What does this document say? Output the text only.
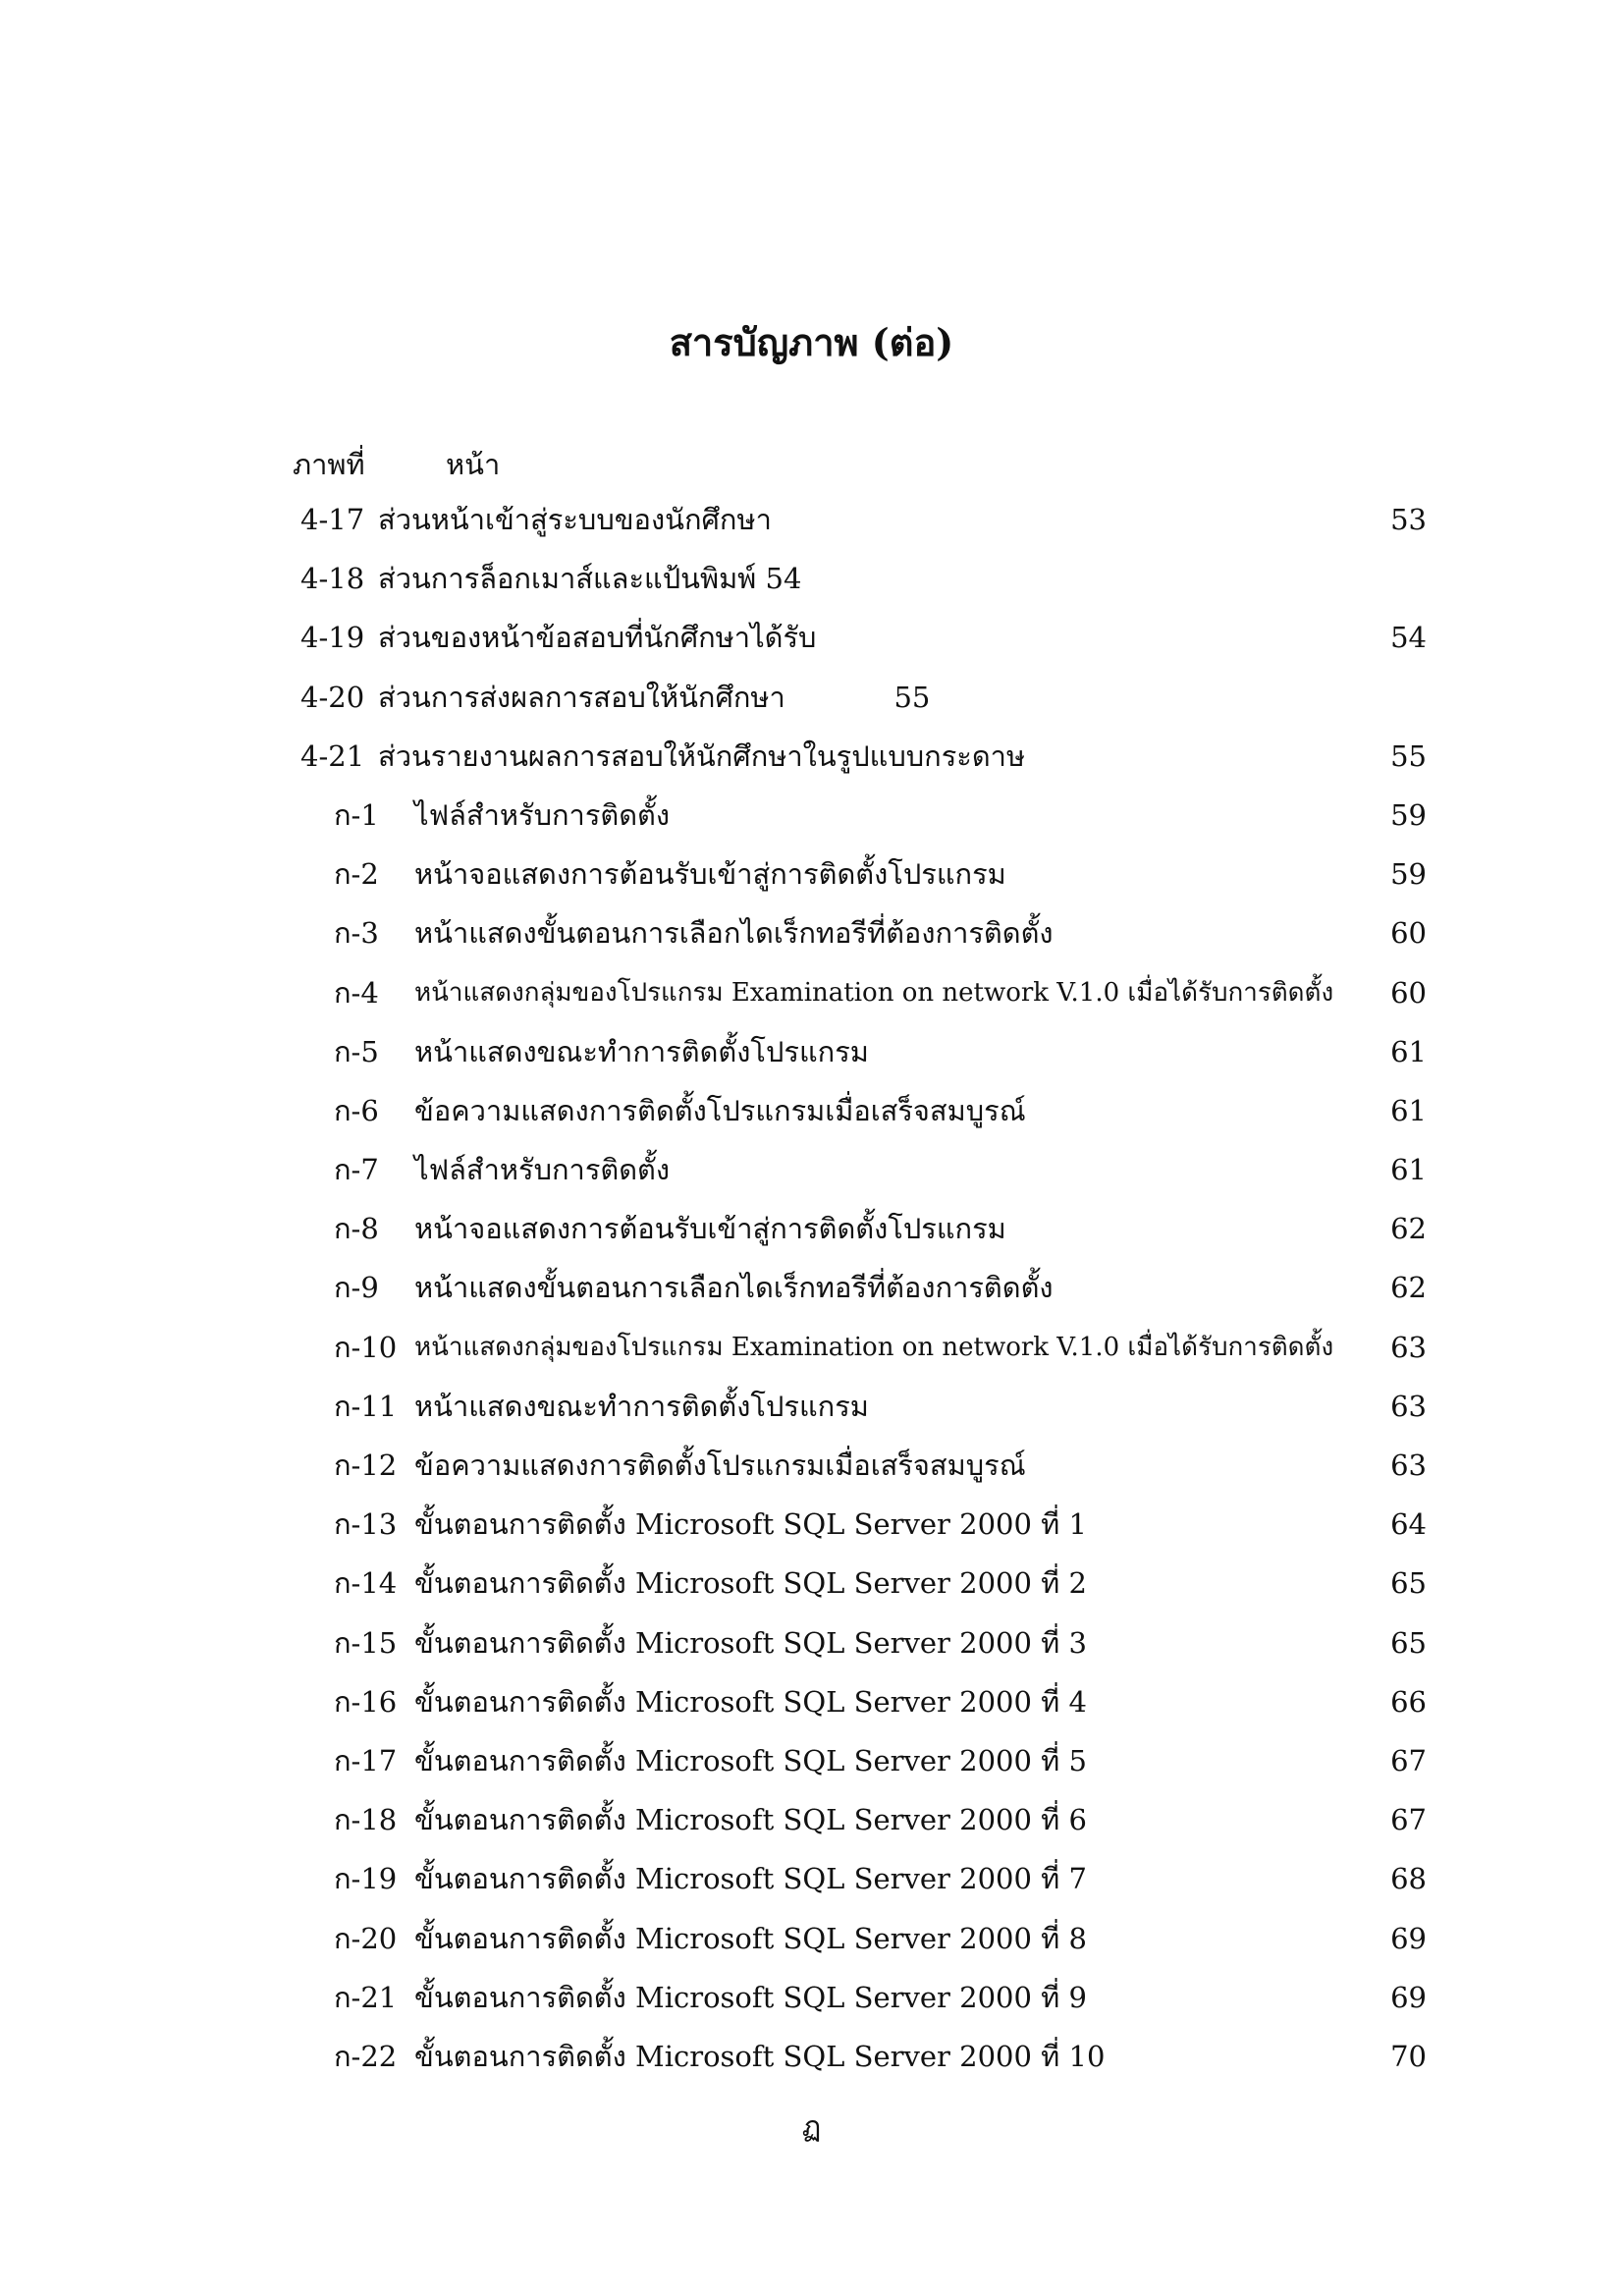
สารบัญภาพ (ต่อ)
ภาพที่	หน้า
4-17 ส่วนหน้าเข้าสู่ระบบของนักศึกษา	53
4-18 ส่วนการล็อกเมาส์และแป้นพิมพ์ 54
4-19 ส่วนของหน้าข้อสอบที่นักศึกษาได้รับ	54
4-20 ส่วนการส่งผลการสอบให้นักศึกษา            55
4-21 ส่วนรายงานผลการสอบให้นักศึกษาในรูปแบบกระดาษ	55
ก-1 ไฟล์สำหรับการติดตั้ง	59
ก-2 หน้าจอแสดงการต้อนรับเข้าสู่การติดตั้งโปรแกรม	59
ก-3 หน้าแสดงขั้นตอนการเลือกไดเร็กทอรีที่ต้องการติดตั้ง	60
ก-4 หน้าแสดงกลุ่มของโปรแกรม Examination on network V.1.0 เมื่อได้รับการติดตั้ง 60
ก-5 หน้าแสดงขณะทำการติดตั้งโปรแกรม	61
ก-6 ข้อความแสดงการติดตั้งโปรแกรมเมื่อเสร็จสมบูรณ์	61
ก-7 ไฟล์สำหรับการติดตั้ง	61
ก-8 หน้าจอแสดงการต้อนรับเข้าสู่การติดตั้งโปรแกรม	62
ก-9 หน้าแสดงขั้นตอนการเลือกไดเร็กทอรีที่ต้องการติดตั้ง	62
ก-10 หน้าแสดงกลุ่มของโปรแกรม Examination on network V.1.0 เมื่อได้รับการติดตั้ง 63
ก-11 หน้าแสดงขณะทำการติดตั้งโปรแกรม	63
ก-12 ข้อความแสดงการติดตั้งโปรแกรมเมื่อเสร็จสมบูรณ์	63
ก-13 ขั้นตอนการติดตั้ง Microsoft SQL Server 2000 ที่ 1	64
ก-14 ขั้นตอนการติดตั้ง Microsoft SQL Server 2000 ที่ 2	65
ก-15 ขั้นตอนการติดตั้ง Microsoft SQL Server 2000 ที่ 3	65
ก-16 ขั้นตอนการติดตั้ง Microsoft SQL Server 2000 ที่ 4	66
ก-17 ขั้นตอนการติดตั้ง Microsoft SQL Server 2000 ที่ 5	67
ก-18 ขั้นตอนการติดตั้ง Microsoft SQL Server 2000 ที่ 6	67
ก-19 ขั้นตอนการติดตั้ง Microsoft SQL Server 2000 ที่ 7	68
ก-20 ขั้นตอนการติดตั้ง Microsoft SQL Server 2000 ที่ 8	69
ก-21 ขั้นตอนการติดตั้ง Microsoft SQL Server 2000 ที่ 9	69
ก-22 ขั้นตอนการติดตั้ง Microsoft SQL Server 2000 ที่ 10	70

ฏ
